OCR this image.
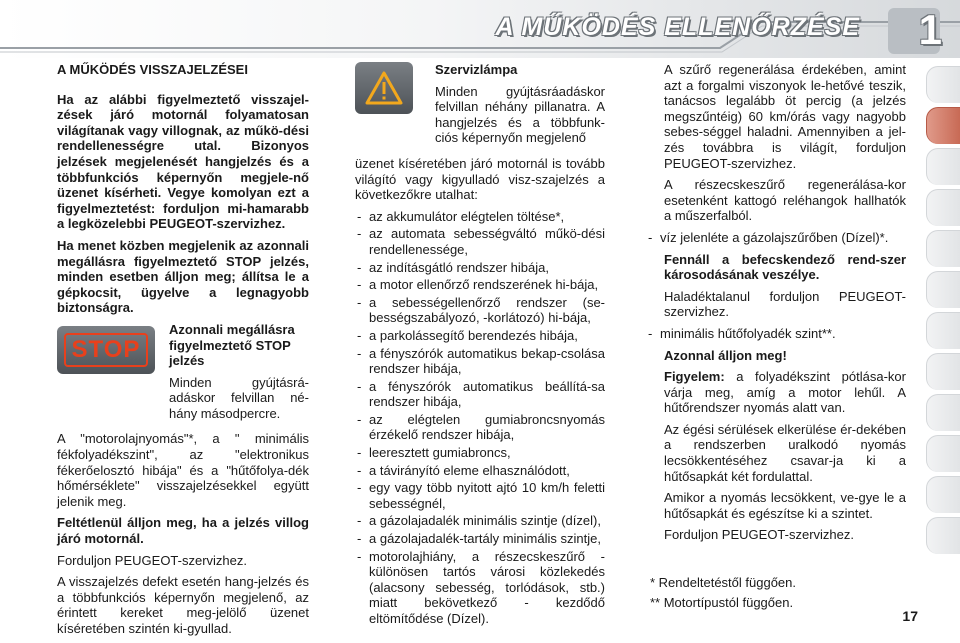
A MŰKÖDÉS ELLENŐRZÉSE 1
A MŰKÖDÉS VISSZAJELZÉSEI

Ha az alábbi figyelmeztető visszajel-zések járó motornál folyamatosan világítanak vagy villognak, az műkö-dési rendellenességre utal. Bizonyos jelzések megjelenését hangjelzés és a többfunkciós képernyőn megjele-nő üzenet kísérheti. Vegye komolyan ezt a figyelmeztetést: forduljon mi-hamarabb a legközelebbi PEUGEOT-szervizhez.

Ha menet közben megjelenik az azonnali megállásra figyelmeztető STOP jelzés, minden esetben álljon meg; állítsa le a gépkocsit, ügyelve a legnagyobb biztonságra.

STOP
Azonnali megállásra figyelmeztető STOP jelzés

Minden gyújtásrá-adáskor felvillan né-hány másodpercre.

A "motorolajnyomás"*, a " minimális fékfolyadékszint", az "elektronikus fékerőelosztó hibája" és a "hűtőfolya-dék hőmérséklete" visszajelzésekkel együtt jelenik meg.

Feltétlenül álljon meg, ha a jelzés villog járó motornál.

Forduljon PEUGEOT-szervizhez.

A visszajelzés defekt esetén hang-jelzés és a többfunkciós képernyőn megjelenő, az érintett kereket meg-jelölő üzenet kíséretében szintén ki-gyullad.

Szervizlámpa

Minden gyújtásráadáskor felvillan néhány pillanatra. A hangjelzés és a többfunk-ciós képernyőn megjelenő

üzenet kíséretében járó motornál is tovább világító vagy kigyulladó visz-szajelzés a következőkre utalhat:

- az akkumulátor elégtelen töltése*,
- az automata sebességváltó műkö-dési rendellenessége,
- az indításgátló rendszer hibája,
- a motor ellenőrző rendszerének hi-bája,
- a sebességellenőrző rendszer (se-bességszabályozó, -korlátozó) hi-bája,
- a parkolássegítő berendezés hibája,
- a fényszórók automatikus bekap-csolása rendszer hibája,
- a fényszórók automatikus beállítá-sa rendszer hibája,
- az elégtelen gumiabroncsnyomás érzékelő rendszer hibája,
- leeresztett gumiabroncs,
- a távirányító eleme elhasználódott,
- egy vagy több nyitott ajtó 10 km/h feletti sebességnél,
- a gázolajadalék minimális szintje (dízel),
- a gázolajadalék-tartály minimális szintje,
- motorolajhiány, a részecskeszűrő - különösen tartós városi közlekedés (alacsony sebesség, torlódások, stb.) miatt bekövetkező - kezdődő eltömítődése (Dízel).

A szűrő regenerálása érdekében, amint azt a forgalmi viszonyok le-hetővé teszik, tanácsos legalább öt percig (a jelzés megszűntéig) 60 km/órás vagy nagyobb sebes-séggel haladni. Amennyiben a jel-zés továbbra is világít, forduljon PEUGEOT-szervizhez.

A részecskeszűrő regenerálása-kor esetenként kattogó reléhangok hallhatók a műszerfalból.

- víz jelenléte a gázolajszűrőben (Dízel)*.

Fennáll a befecskendező rend-szer károsodásának veszélye.

Haladéktalanul forduljon PEUGEOT-szervizhez.

- minimális hűtőfolyadék szint**.

Azonnal álljon meg!

Figyelem: a folyadékszint pótlása-kor várja meg, amíg a motor lehűl. A hűtőrendszer nyomás alatt van.

Az égési sérülések elkerülése ér-dekében a rendszerben uralkodó nyomás lecsökkentéséhez csavar-ja ki a hűtősapkát két fordulattal.

Amikor a nyomás lecsökkent, ve-gye le a hűtősapkát és egészítse ki a szintet.

Forduljon PEUGEOT-szervizhez.

* Rendeltetéstől függően.
** Motortípustól függően.
17
